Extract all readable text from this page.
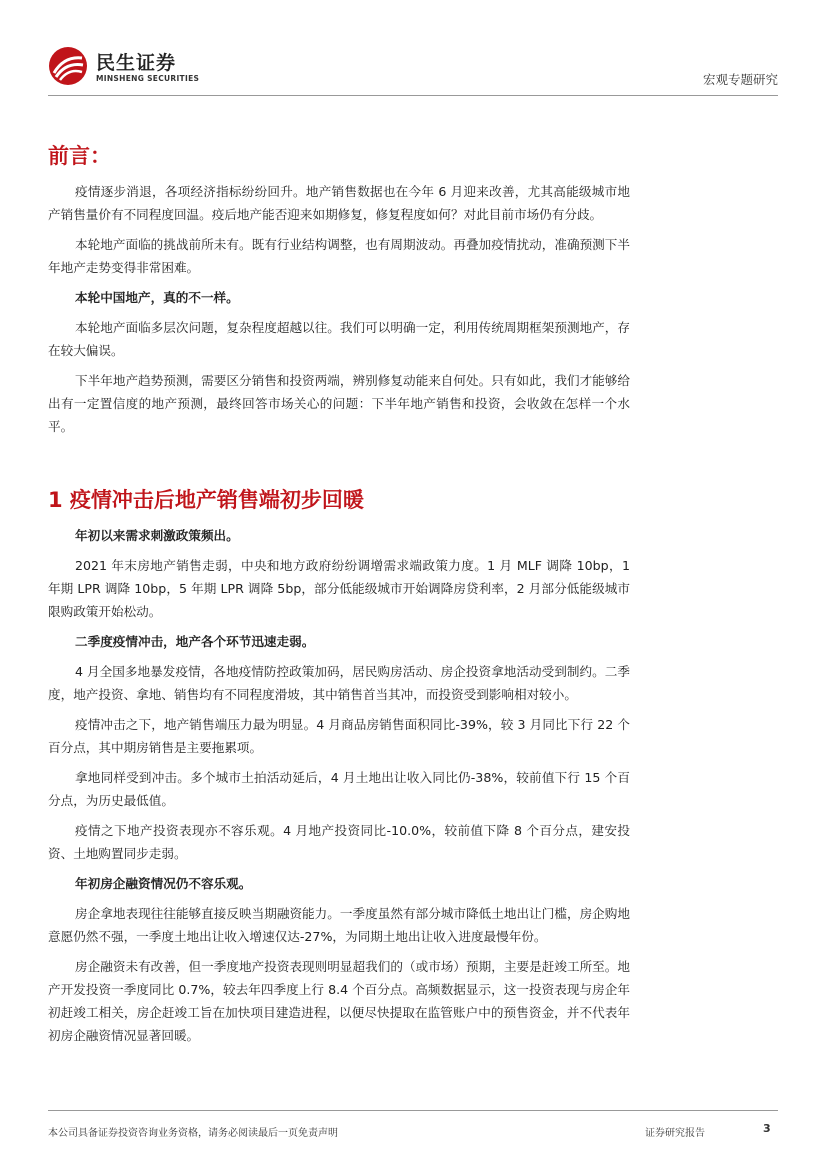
民生证券
MINSHENG SECURITIES	宏观专题研究
前言：

疫情逐步消退，各项经济指标纷纷回升。地产销售数据也在今年 6 月迎来改善，尤其高能级城市地产销售量价有不同程度回温。疫后地产能否迎来如期修复，修复程度如何？对此目前市场仍有分歧。

本轮地产面临的挑战前所未有。既有行业结构调整，也有周期波动。再叠加疫情扰动，准确预测下半年地产走势变得非常困难。

本轮中国地产，真的不一样。

本轮地产面临多层次问题，复杂程度超越以往。我们可以明确一定，利用传统周期框架预测地产，存在较大偏误。

下半年地产趋势预测，需要区分销售和投资两端，辨别修复动能来自何处。只有如此，我们才能够给出有一定置信度的地产预测，最终回答市场关心的问题：下半年地产销售和投资，会收敛在怎样一个水平。

1 疫情冲击后地产销售端初步回暖

年初以来需求刺激政策频出。

2021 年末房地产销售走弱，中央和地方政府纷纷调增需求端政策力度。1 月 MLF 调降 10bp，1 年期 LPR 调降 10bp，5 年期 LPR 调降 5bp，部分低能级城市开始调降房贷利率，2 月部分低能级城市限购政策开始松动。

二季度疫情冲击，地产各个环节迅速走弱。

4 月全国多地暴发疫情，各地疫情防控政策加码，居民购房活动、房企投资拿地活动受到制约。二季度，地产投资、拿地、销售均有不同程度滑坡，其中销售首当其冲，而投资受到影响相对较小。

疫情冲击之下，地产销售端压力最为明显。4 月商品房销售面积同比-39%，较 3 月同比下行 22 个百分点，其中期房销售是主要拖累项。

拿地同样受到冲击。多个城市土拍活动延后，4 月土地出让收入同比仍-38%，较前值下行 15 个百分点，为历史最低值。

疫情之下地产投资表现亦不容乐观。4 月地产投资同比-10.0%，较前值下降 8 个百分点，建安投资、土地购置同步走弱。

年初房企融资情况仍不容乐观。

房企拿地表现往往能够直接反映当期融资能力。一季度虽然有部分城市降低土地出让门槛，房企购地意愿仍然不强，一季度土地出让收入增速仅达-27%，为同期土地出让收入进度最慢年份。

房企融资未有改善，但一季度地产投资表现则明显超我们的（或市场）预期，主要是赶竣工所至。地产开发投资一季度同比 0.7%，较去年四季度上行 8.4 个百分点。高频数据显示，这一投资表现与房企年初赶竣工相关，房企赶竣工旨在加快项目建造进程，以便尽快提取在监管账户中的预售资金，并不代表年初房企融资情况显著回暖。

本公司具备证券投资咨询业务资格，请务必阅读最后一页免责声明	证券研究报告	3
